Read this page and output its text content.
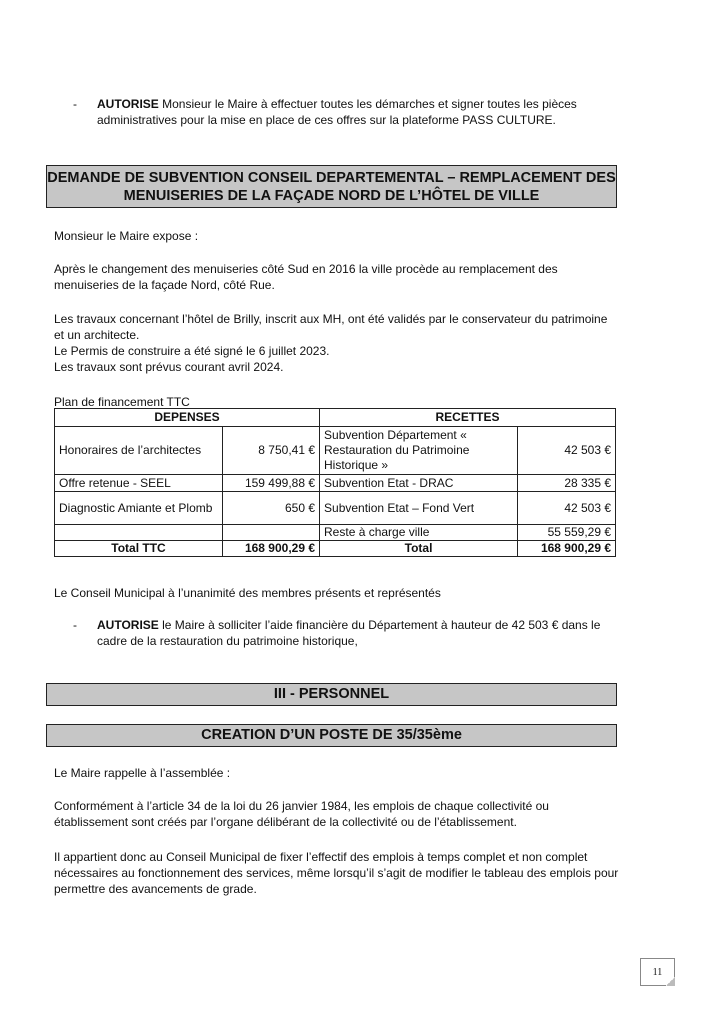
-	AUTORISE Monsieur le Maire à effectuer toutes les démarches et signer toutes les pièces administratives pour la mise en place de ces offres sur la plateforme PASS CULTURE.
DEMANDE DE SUBVENTION CONSEIL DEPARTEMENTAL – REMPLACEMENT DES
MENUISERIES DE LA FAÇADE NORD DE L’HÔTEL DE VILLE

Monsieur le Maire expose :

Après le changement des menuiseries côté Sud en 2016 la ville procède au remplacement des menuiseries de la façade Nord, côté Rue.

Les travaux concernant l’hôtel de Brilly, inscrit aux MH, ont été validés par le conservateur du patrimoine et un architecte.

Le Permis de construire a été signé le 6 juillet 2023.

Les travaux sont prévus courant avril 2024.

Plan de financement TTC

DEPENSES		RECETTES	
Honoraires de l’architectes	8 750,41 €	Subvention Département « Restauration du Patrimoine Historique »	42 503 €
Offre retenue - SEEL	159 499,88 €	Subvention Etat - DRAC	28 335 €
Diagnostic Amiante et Plomb	650 €	Subvention Etat – Fond Vert	42 503 €
		Reste à charge ville	55 559,29 €
Total TTC	168 900,29 €	Total	168 900,29 €

Le Conseil Municipal à l’unanimité des membres présents et représentés

-	AUTORISE le Maire à solliciter l’aide financière du Département à hauteur de 42 503 € dans le cadre de la restauration du patrimoine historique,
III - PERSONNEL
CREATION D’UN POSTE DE 35/35ème

Le Maire rappelle à l’assemblée :

Conformément à l’article 34 de la loi du 26 janvier 1984, les emplois de chaque collectivité ou établissement sont créés par l’organe délibérant de la collectivité ou de l’établissement.

Il appartient donc au Conseil Municipal de fixer l’effectif des emplois à temps complet et non complet nécessaires au fonctionnement des services, même lorsqu’il s’agit de modifier le tableau des emplois pour permettre des avancements de grade.

11
